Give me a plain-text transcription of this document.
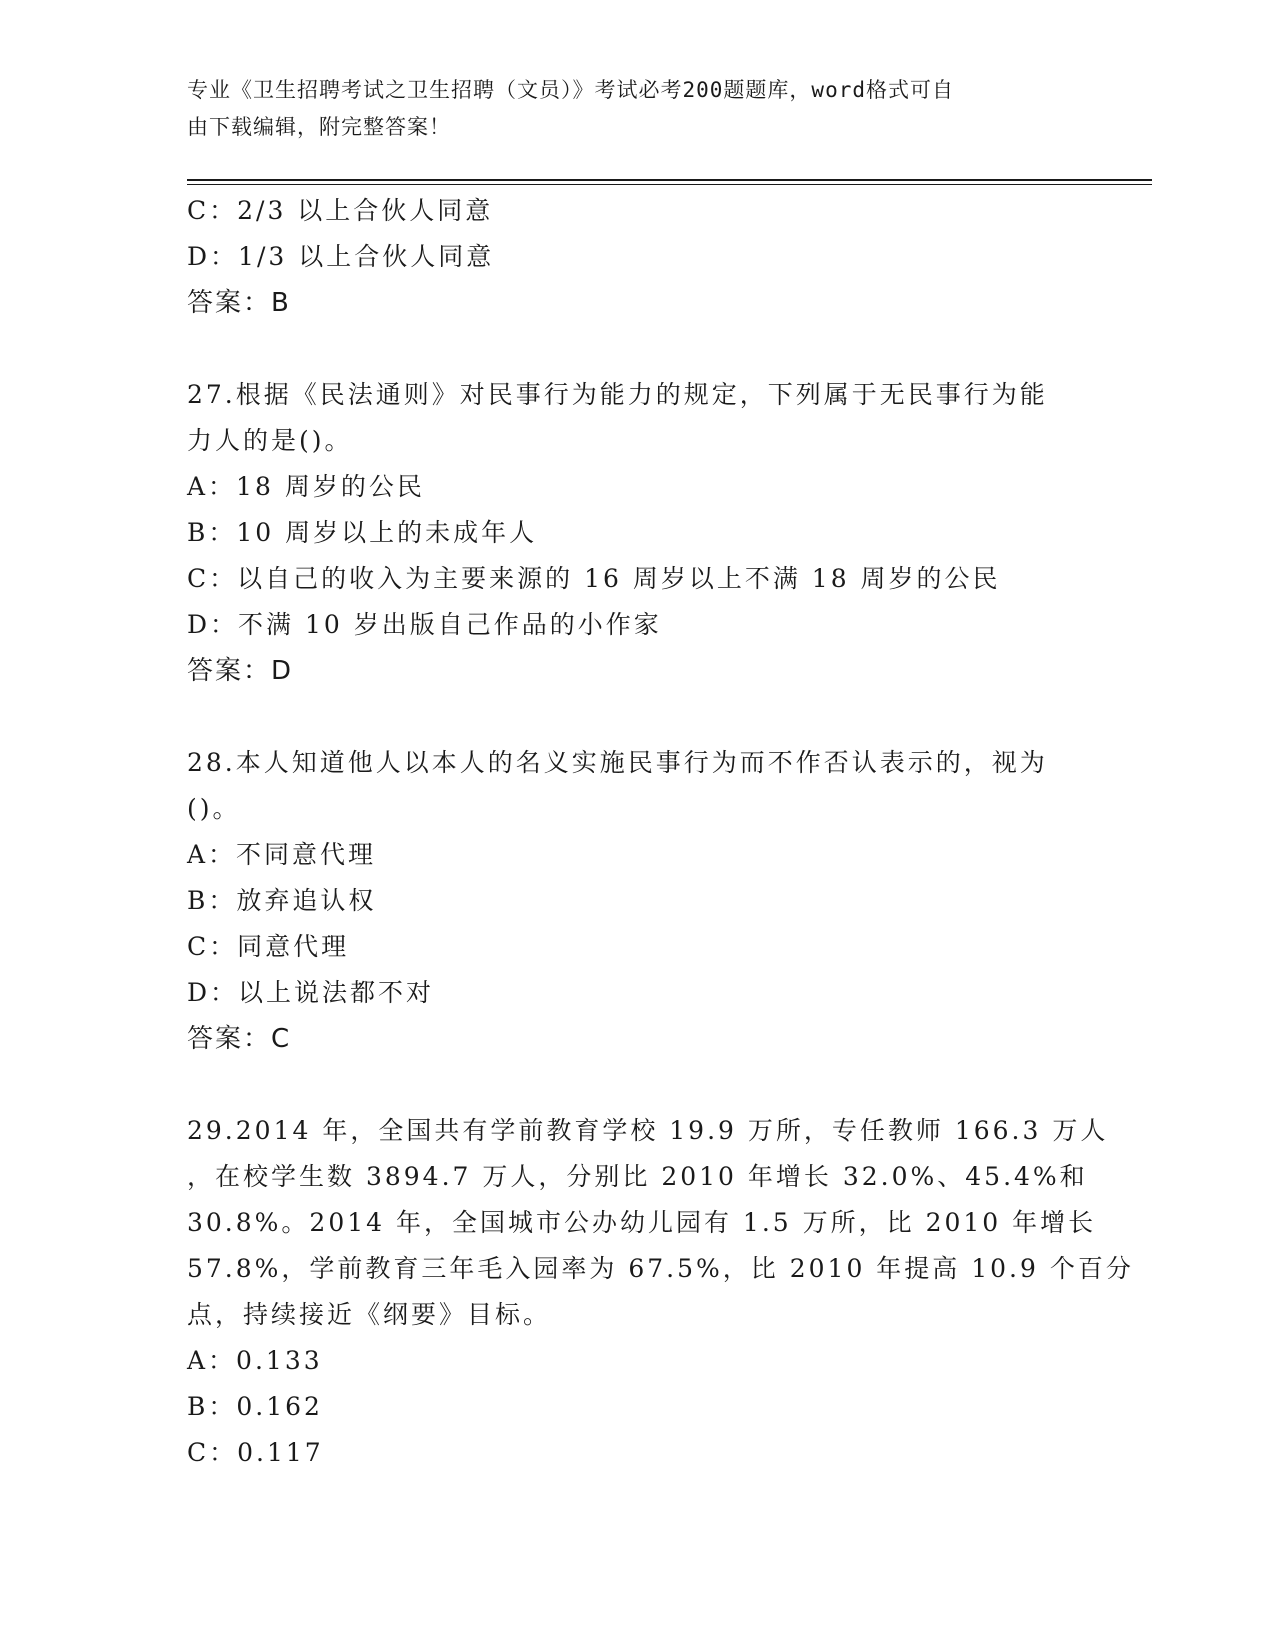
专业《卫生招聘考试之卫生招聘（文员）》考试必考200题题库，word格式可自
由下载编辑，附完整答案！
C：2/3 以上合伙人同意
D：1/3 以上合伙人同意
答案：B
27.根据《民法通则》对民事行为能力的规定，下列属于无民事行为能
力人的是()。
A：18 周岁的公民
B：10 周岁以上的未成年人
C：以自己的收入为主要来源的 16 周岁以上不满 18 周岁的公民
D：不满 10 岁出版自己作品的小作家
答案：D
28.本人知道他人以本人的名义实施民事行为而不作否认表示的，视为
()。
A：不同意代理
B：放弃追认权
C：同意代理
D：以上说法都不对
答案：C
29.2014 年，全国共有学前教育学校 19.9 万所，专任教师 166.3 万人
，在校学生数 3894.7 万人，分别比 2010 年增长 32.0%、45.4%和
30.8%。2014 年，全国城市公办幼儿园有 1.5 万所，比 2010 年增长
57.8%，学前教育三年毛入园率为 67.5%，比 2010 年提高 10.9 个百分
点，持续接近《纲要》目标。
A：0.133
B：0.162
C：0.117
